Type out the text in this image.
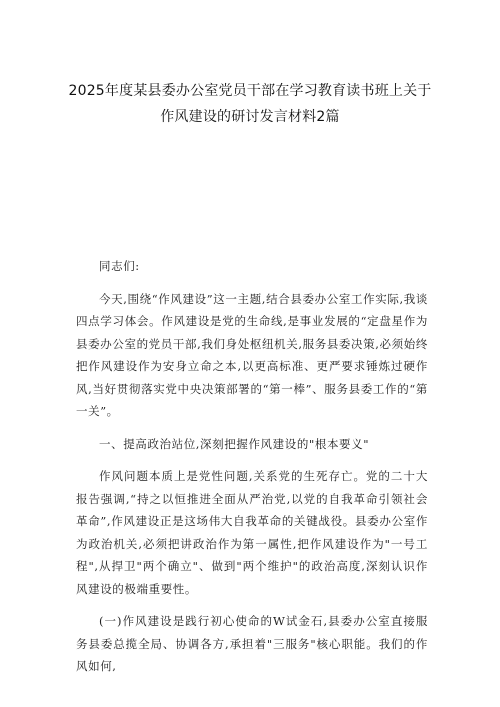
2025年度某县委办公室党员干部在学习教育读书班上关于
作风建设的研讨发言材料2篇

同志们:

今天,围绕“作风建设”这一主题,结合县委办公室工作实际,我谈四点学习体会。作风建设是党的生命线,是事业发展的“定盘星作为县委办公室的党员干部,我们身处枢纽机关,服务县委决策,必须始终把作风建设作为安身立命之本,以更高标准、更严要求锤炼过硬作风,当好贯彻落实党中央决策部署的“第一棒”、服务县委工作的“第一关”。

一、提高政治站位,深刻把握作风建设的"根本要义"

作风问题本质上是党性问题,关系党的生死存亡。党的二十大报告强调,“持之以恒推进全面从严治党,以党的自我革命引领社会革命”,作风建设正是这场伟大自我革命的关键战役。县委办公室作为政治机关,必须把讲政治作为第一属性,把作风建设作为"一号工程",从捍卫"两个确立"、做到"两个维护"的政治高度,深刻认识作风建设的极端重要性。

(一)作风建设是践行初心使命的W试金石,县委办公室直接服务县委总揽全局、协调各方,承担着"三服务"核心职能。我们的作风如何,
